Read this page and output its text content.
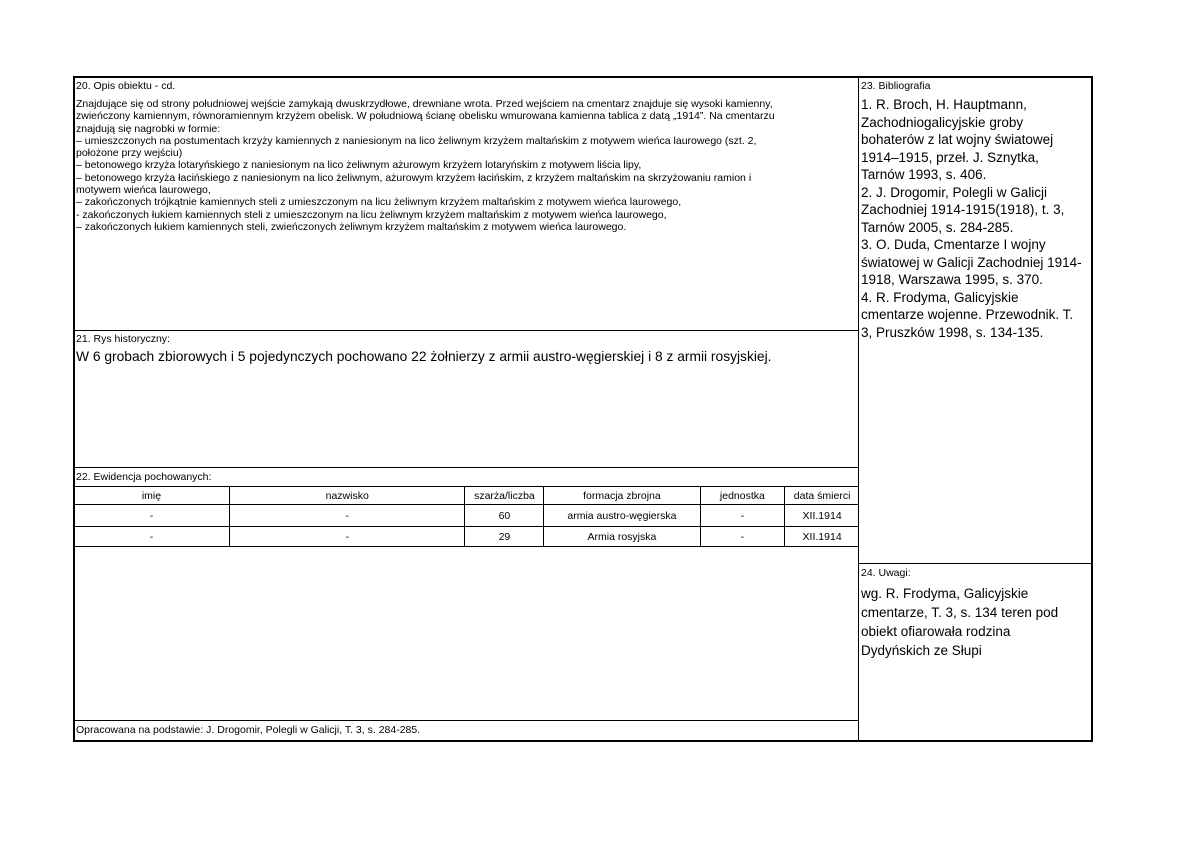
20. Opis obiektu - cd.

Znajdujące się od strony południowej wejście zamykają dwuskrzydłowe, drewniane wrota. Przed wejściem na cmentarz znajduje się wysoki kamienny,

zwieńczony kamiennym, równoramiennym krzyżem obelisk. W południową ścianę obelisku wmurowana kamienna tablica z datą „1914”. Na cmentarzu

znajdują się nagrobki w formie:

– umieszczonych na postumentach krzyży kamiennych z naniesionym na lico żeliwnym krzyżem maltańskim z motywem wieńca laurowego (szt. 2,

położone przy wejściu)

– betonowego krzyża lotaryńskiego z naniesionym na lico żeliwnym ażurowym krzyżem lotaryńskim z motywem liścia lipy,

– betonowego krzyża łacińskiego z naniesionym na lico żeliwnym, ażurowym krzyżem łacińskim, z krzyżem maltańskim na skrzyżowaniu ramion i

motywem wieńca laurowego,

– zakończonych trójkątnie kamiennych steli z umieszczonym na licu żeliwnym krzyżem maltańskim z motywem wieńca laurowego,

- zakończonych łukiem kamiennych steli z umieszczonym na licu żeliwnym krzyżem maltańskim z motywem wieńca laurowego,

– zakończonych łukiem kamiennych steli, zwieńczonych żeliwnym krzyżem maltańskim z motywem wieńca laurowego.

21. Rys historyczny:
W 6 grobach zbiorowych i 5 pojedynczych pochowano 22 żołnierzy z armii austro-węgierskiej i 8 z armii rosyjskiej.
22. Ewidencja pochowanych:
imię	nazwisko	szarża/liczba	formacja zbrojna	jednostka	data śmierci
-	-	60	armia austro-węgierska	-	XII.1914
-	-	29	Armia rosyjska	-	XII.1914
Opracowana na podstawie: J. Drogomir, Polegli w Galicji, T. 3, s. 284-285.
23. Bibliografia

1. R. Broch, H. Hauptmann,

Zachodniogalicyjskie groby

bohaterów z lat wojny światowej

1914–1915, przeł. J. Sznytka,

Tarnów 1993, s. 406.

2. J. Drogomir, Polegli w Galicji

Zachodniej 1914-1915(1918), t. 3,

Tarnów 2005, s. 284-285.

3. O. Duda, Cmentarze I wojny

światowej w Galicji Zachodniej 1914-

1918, Warszawa 1995, s. 370.

4. R. Frodyma, Galicyjskie

cmentarze wojenne. Przewodnik. T.

3, Pruszków 1998, s. 134-135.

24. Uwagi:

wg. R. Frodyma, Galicyjskie

cmentarze, T. 3, s. 134 teren pod

obiekt ofiarowała rodzina

Dydyńskich ze Słupi
